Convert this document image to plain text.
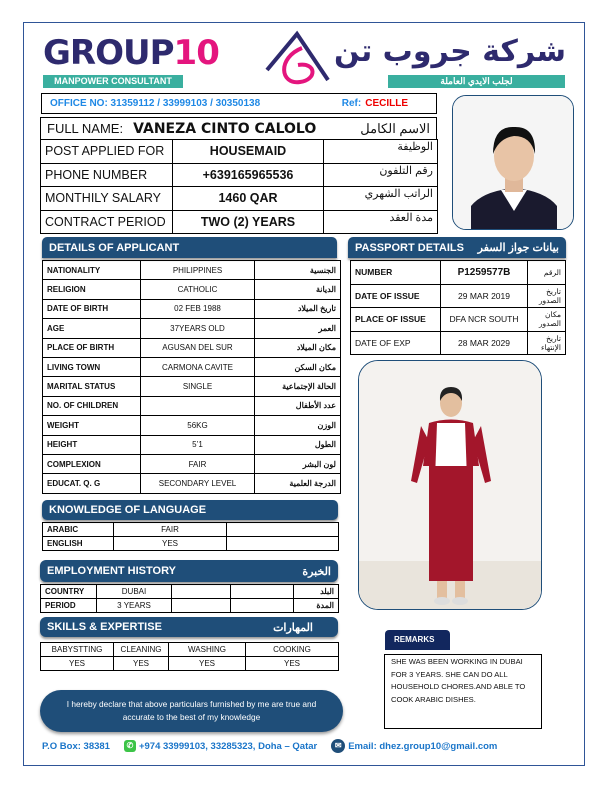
GROUP10
MANPOWER CONSULTANT
شركة جروب تن
لجلب الايدي العاملة
OFFICE NO: 31359112 / 33999103 / 30350138	Ref: CECILLE
FULL NAME: VANEZA CINTO CALOLO	الاسم الكامل
POST APPLIED FOR	HOUSEMAID	الوظيفة
PHONE NUMBER	+639165965536	رقم التلفون
MONTHILY SALARY	1460 QAR	الراتب الشهري
CONTRACT PERIOD	TWO (2) YEARS	مدة العقد
DETAILS OF APPLICANT
NATIONALITY	PHILIPPINES	الجنسية
RELIGION	CATHOLIC	الديانة
DATE OF BIRTH	02 FEB 1988	تاريخ الميلاد
AGE	37YEARS OLD	العمر
PLACE OF BIRTH	AGUSAN DEL SUR	مكان الميلاد
LIVING TOWN	CARMONA CAVITE	مكان السكن
MARITAL STATUS	SINGLE	الحالة الإجتماعية
NO. OF CHILDREN		عدد الأطفال
WEIGHT	56KG	الوزن
HEIGHT	5’1	الطول
COMPLEXION	FAIR	لون البشر
EDUCAT. Q. G	SECONDARY LEVEL	الدرجة العلمية
PASSPORT DETAILS بيانات جواز السفر
NUMBER	P1259577B	الرقم
DATE OF ISSUE	29 MAR 2019	تاريخ الصدور
PLACE OF ISSUE	DFA NCR SOUTH	مكان الصدور
DATE OF EXP	28 MAR 2029	تاريخ الإنتهاء
KNOWLEDGE OF LANGUAGE
ARABIC	FAIR	
ENGLISH	YES	
EMPLOYMENT HISTORY	الخبرة
COUNTRY	DUBAI			البلد
PERIOD	3 YEARS			المدة
SKILLS & EXPERTISE	المهارات
BABYSTTING	CLEANING	WASHING	COOKING
YES	YES	YES	YES
REMARKS
SHE WAS BEEN WORKING IN DUBAI FOR 3 YEARS. SHE CAN DO ALL HOUSEHOLD CHORES.AND ABLE TO COOK ARABIC DISHES.
I hereby declare that above particulars furnished by me are true and accurate to the best of my knowledge
P.O Box: 38381	✆ +974 33999103, 33285323, Doha – Qatar	✉ Email: dhez.group10@gmail.com
